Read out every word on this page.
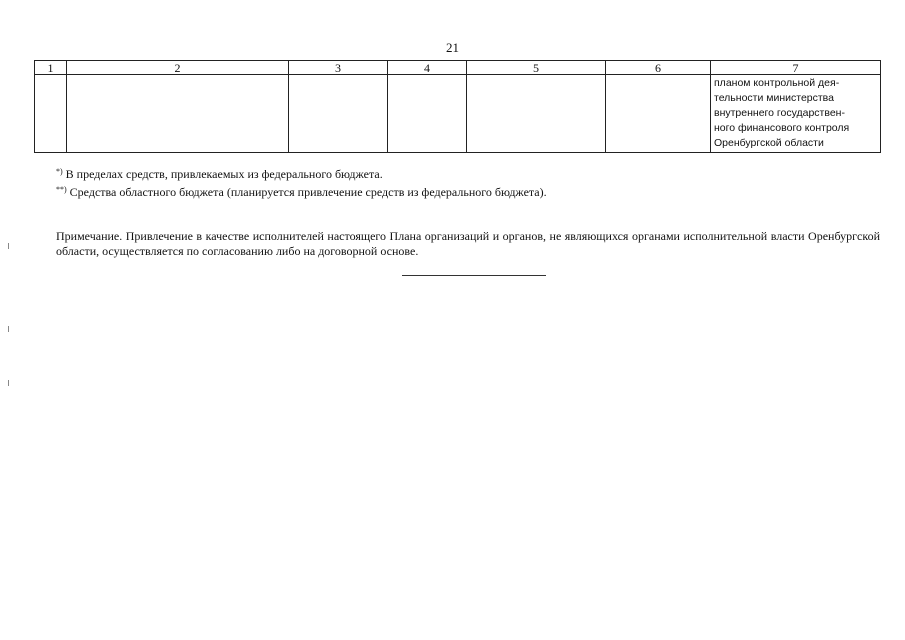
21
1	2	3	4	5	6	7

						планом контрольной дея-
тельности министерства
внутреннего государствен-
ного финансового контроля
Оренбургской области
*) В пределах средств, привлекаемых из федерального бюджета.
**) Средства областного бюджета (планируется привлечение средств из федерального бюджета).
Примечание. Привлечение в качестве исполнителей настоящего Плана организаций и органов, не являющихся органами исполнительной власти Оренбургской области, осуществляется по согласованию либо на договорной основе.
